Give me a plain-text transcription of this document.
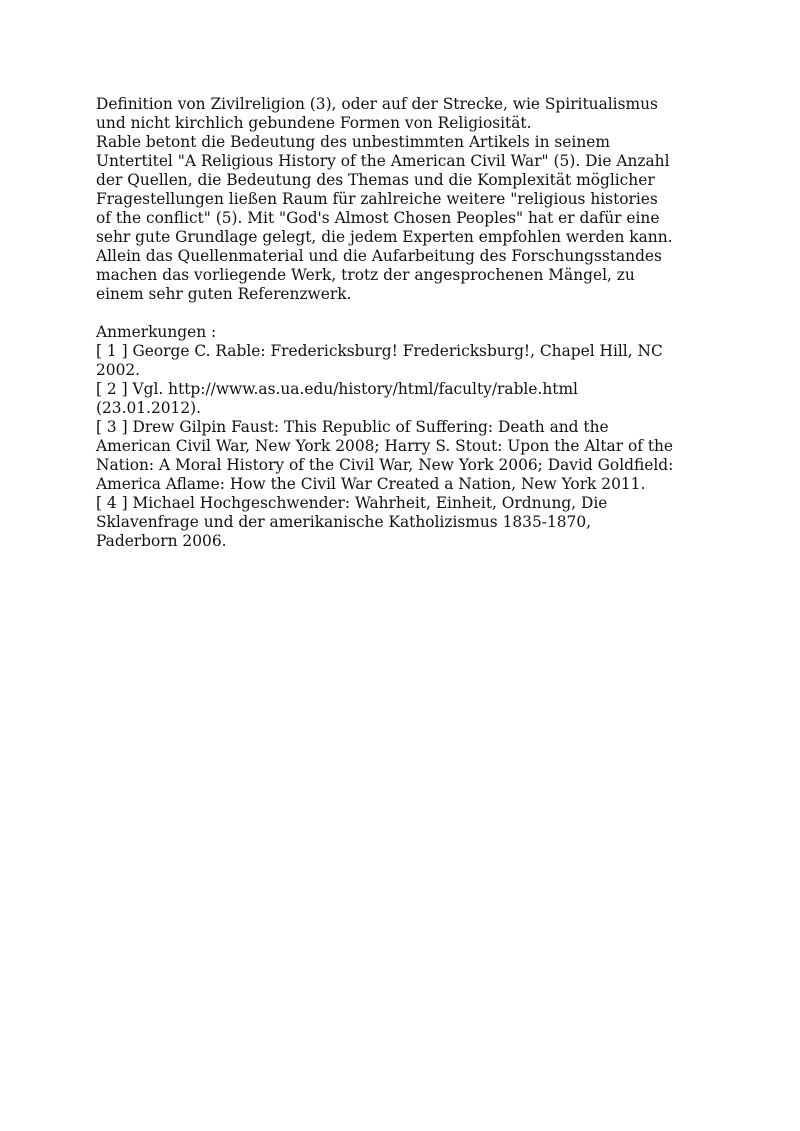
Definition von Zivilreligion (3), oder auf der Strecke, wie Spiritualismus
und nicht kirchlich gebundene Formen von Religiosität.
Rable betont die Bedeutung des unbestimmten Artikels in seinem
Untertitel "A Religious History of the American Civil War" (5). Die Anzahl
der Quellen, die Bedeutung des Themas und die Komplexität möglicher
Fragestellungen ließen Raum für zahlreiche weitere "religious histories
of the conflict" (5). Mit "God's Almost Chosen Peoples" hat er dafür eine
sehr gute Grundlage gelegt, die jedem Experten empfohlen werden kann.
Allein das Quellenmaterial und die Aufarbeitung des Forschungsstandes
machen das vorliegende Werk, trotz der angesprochenen Mängel, zu
einem sehr guten Referenzwerk.
Anmerkungen :
[ 1 ] George C. Rable: Fredericksburg! Fredericksburg!, Chapel Hill, NC
2002.
[ 2 ] Vgl. http://www.as.ua.edu/history/html/faculty/rable.html
(23.01.2012).
[ 3 ] Drew Gilpin Faust: This Republic of Suffering: Death and the
American Civil War, New York 2008; Harry S. Stout: Upon the Altar of the
Nation: A Moral History of the Civil War, New York 2006; David Goldfield:
America Aflame: How the Civil War Created a Nation, New York 2011.
[ 4 ] Michael Hochgeschwender: Wahrheit, Einheit, Ordnung, Die
Sklavenfrage und der amerikanische Katholizismus 1835-1870,
Paderborn 2006.
